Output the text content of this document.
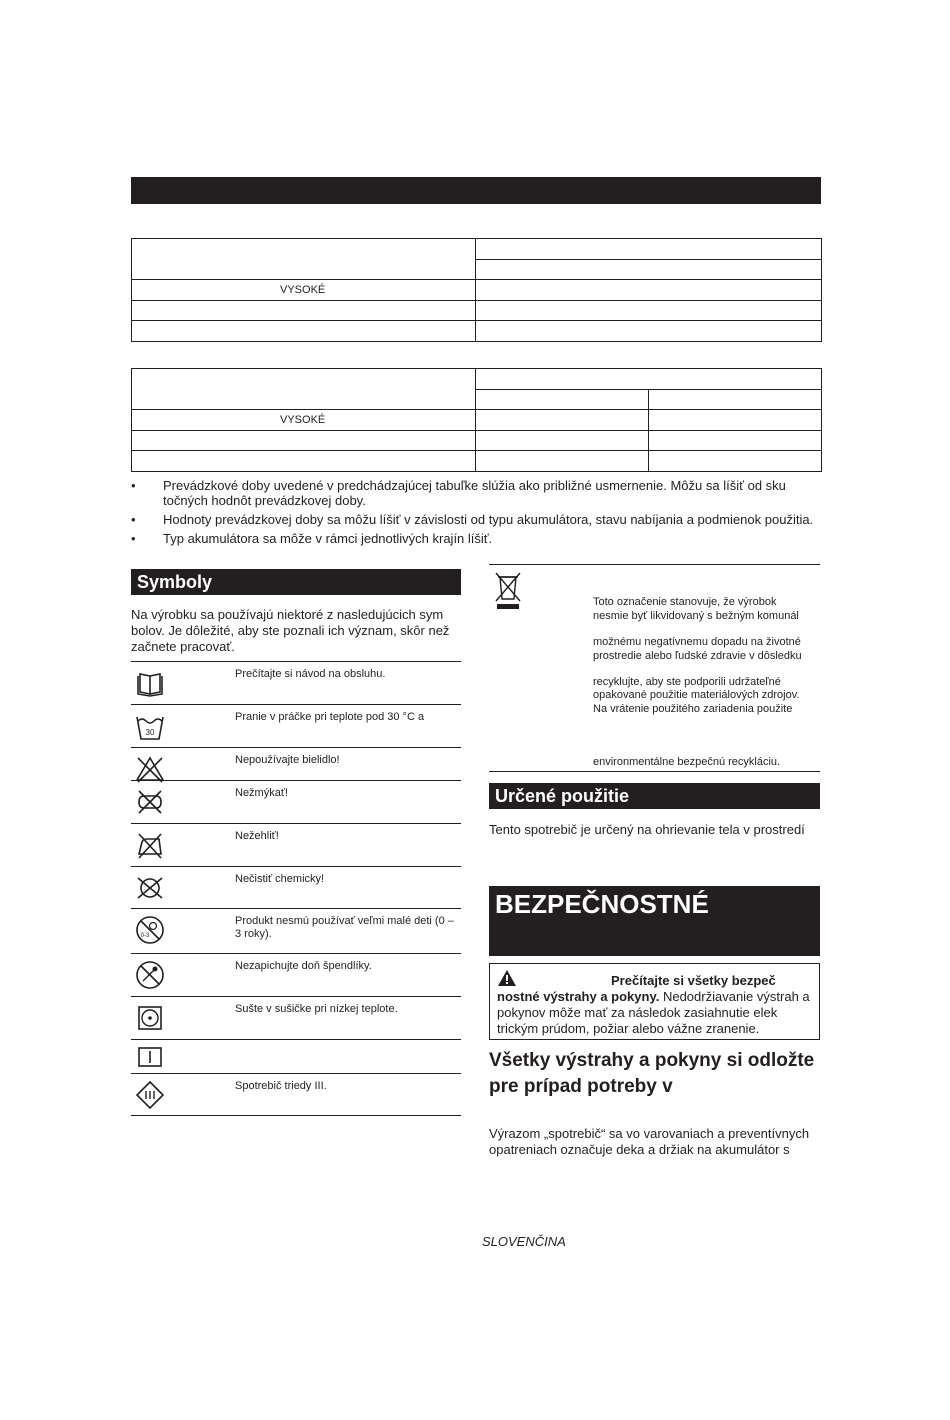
VYSOKÉ	

VYSOKÉ		

• Prevádzkové doby uvedené v predchádzajúcej tabuľke slúžia ako približné usmernenie. Môžu sa líšiť od sku točných hodnôt prevádzkovej doby.
• Hodnoty prevádzkovej doby sa môžu líšiť v závislosti od typu akumulátora, stavu nabíjania a podmienok použitia.
• Typ akumulátora sa môže v rámci jednotlivých krajín líšiť.
Symboly
Na výrobku sa používajú niektoré z nasledujúcich sym bolov. Je dôležité, aby ste poznali ich význam, skôr než začnete pracovať.
Prečítajte si návod na obsluhu.
30
Pranie v práčke pri teplote pod 30 °C a
Nepoužívajte bielidlo!
Nežmýkať!
Nežehliť!
Nečistiť chemicky!
0-3
Produkt nesmú používať veľmi malé deti (0 – 3 roky).
Nezapichujte doň špendlíky.
Sušte v sušičke pri nízkej teplote.
Spotrebič triedy III.
Toto označenie stanovuje, že výrobok
nesmie byť likvidovaný s bežným komunál
možnému negatívnemu dopadu na životné
prostredie alebo ľudské zdravie v dôsledku
recyklujte, aby ste podporili udržateľné
opakované použitie materiálových zdrojov.
Na vrátenie použitého zariadenia použite
environmentálne bezpečnú recykláciu.
Určené použitie
Tento spotrebič je určený na ohrievanie tela v prostredí
BEZPEČNOSTNÉ
Prečítajte si všetky bezpeč nostné výstrahy a pokyny. Nedodržiavanie výstrah a pokynov môže mať za následok zasiahnutie elek trickým prúdom, požiar alebo vážne zranenie.
Všetky výstrahy a pokyny si odložte pre prípad potreby v
Výrazom „spotrebič“ sa vo varovaniach a preventívnych opatreniach označuje deka a držiak na akumulátor s
SLOVENČINA
